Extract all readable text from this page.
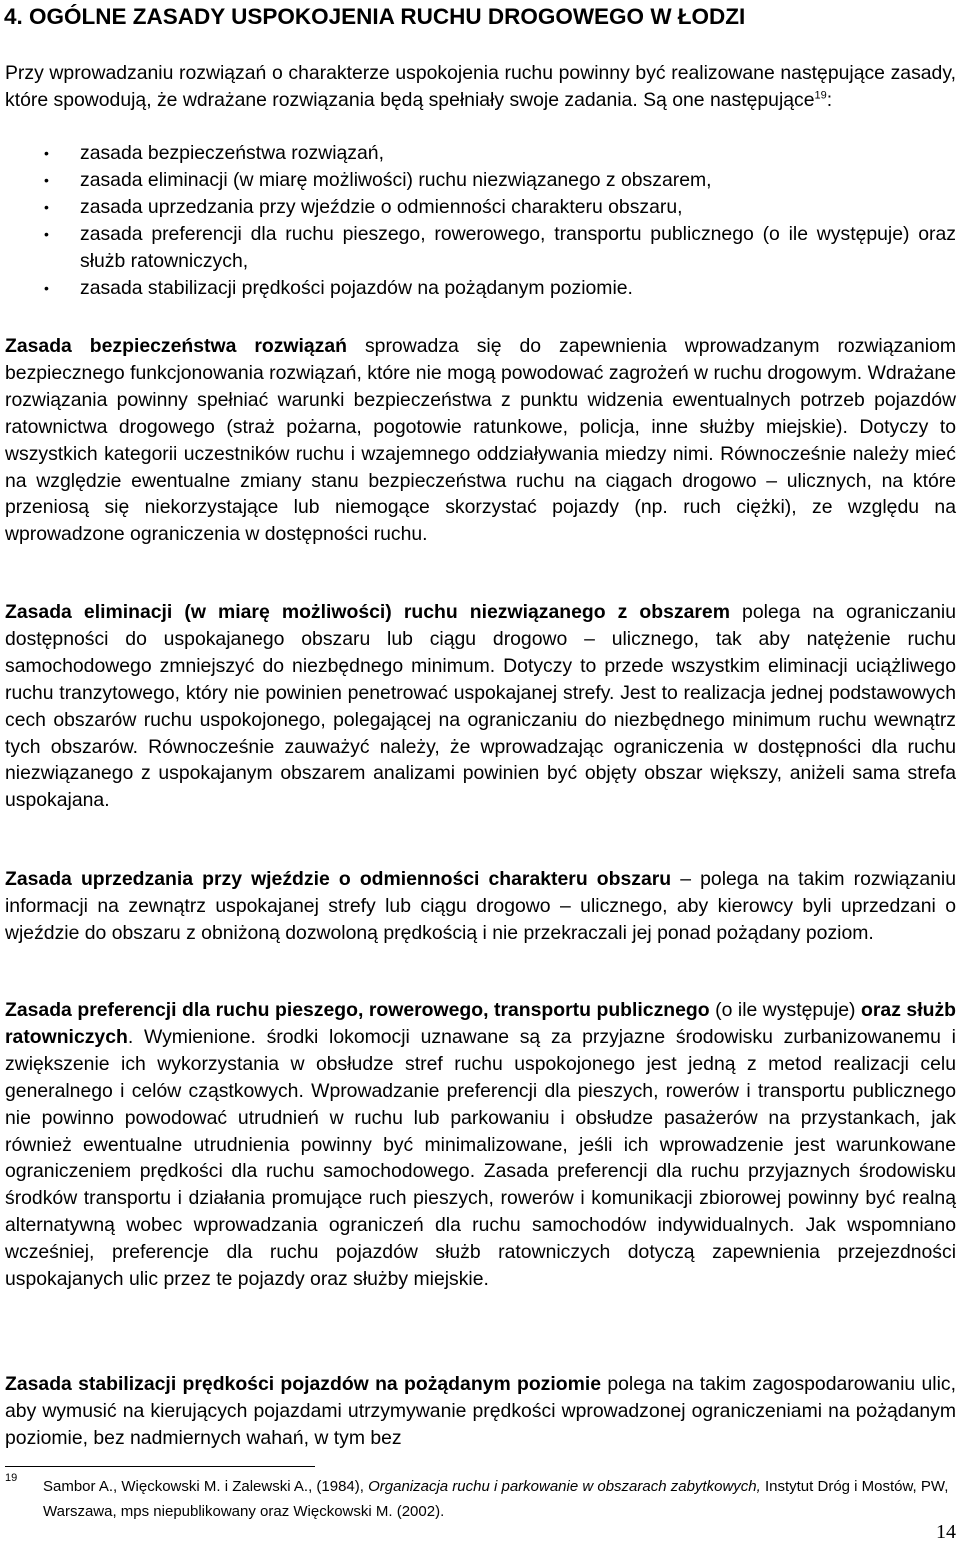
4. OGÓLNE ZASADY USPOKOJENIA RUCHU DROGOWEGO W ŁODZI

Przy wprowadzaniu rozwiązań o charakterze uspokojenia ruchu powinny być realizowane następujące zasady, które spowodują, że wdrażane rozwiązania będą spełniały swoje zadania. Są one następujące$^{19}$:

• zasada bezpieczeństwa rozwiązań,
• zasada eliminacji (w miarę możliwości) ruchu niezwiązanego z obszarem,
• zasada uprzedzania przy wjeździe o odmienności charakteru obszaru,
• zasada preferencji dla ruchu pieszego, rowerowego, transportu publicznego (o ile występuje) oraz służb ratowniczych,
• zasada stabilizacji prędkości pojazdów na pożądanym poziomie.

Zasada bezpieczeństwa rozwiązań sprowadza się do zapewnienia wprowadzanym rozwiązaniom bezpiecznego funkcjonowania rozwiązań, które nie mogą powodować zagrożeń w ruchu drogowym. Wdrażane rozwiązania powinny spełniać warunki bezpieczeństwa z punktu widzenia ewentualnych potrzeb pojazdów ratownictwa drogowego (straż pożarna, pogotowie ratunkowe, policja, inne służby miejskie). Dotyczy to wszystkich kategorii uczestników ruchu i wzajemnego oddziaływania miedzy nimi. Równocześnie należy mieć na względzie ewentualne zmiany stanu bezpieczeństwa ruchu na ciągach drogowo – ulicznych, na które przeniosą się niekorzystające lub niemogące skorzystać pojazdy (np. ruch ciężki), ze względu na wprowadzone ograniczenia w dostępności ruchu.

Zasada eliminacji (w miarę możliwości) ruchu niezwiązanego z obszarem polega na ograniczaniu dostępności do uspokajanego obszaru lub ciągu drogowo – ulicznego, tak aby natężenie ruchu samochodowego zmniejszyć do niezbędnego minimum. Dotyczy to przede wszystkim eliminacji uciążliwego ruchu tranzytowego, który nie powinien penetrować uspokajanej strefy. Jest to realizacja jednej podstawowych cech obszarów ruchu uspokojonego, polegającej na ograniczaniu do niezbędnego minimum ruchu wewnątrz tych obszarów. Równocześnie zauważyć należy, że wprowadzając ograniczenia w dostępności dla ruchu niezwiązanego z uspokajanym obszarem analizami powinien być objęty obszar większy, aniżeli sama strefa uspokajana.

Zasada uprzedzania przy wjeździe o odmienności charakteru obszaru – polega na takim rozwiązaniu informacji na zewnątrz uspokajanej strefy lub ciągu drogowo – ulicznego, aby kierowcy byli uprzedzani o wjeździe do obszaru z obniżoną dozwoloną prędkością i nie przekraczali jej ponad pożądany poziom.

Zasada preferencji dla ruchu pieszego, rowerowego, transportu publicznego (o ile występuje) oraz służb ratowniczych. Wymienione. środki lokomocji uznawane są za przyjazne środowisku zurbanizowanemu i zwiększenie ich wykorzystania w obsłudze stref ruchu uspokojonego jest jedną z metod realizacji celu generalnego i celów cząstkowych. Wprowadzanie preferencji dla pieszych, rowerów i transportu publicznego nie powinno powodować utrudnień w ruchu lub parkowaniu i obsłudze pasażerów na przystankach, jak również ewentualne utrudnienia powinny być minimalizowane, jeśli ich wprowadzenie jest warunkowane ograniczeniem prędkości dla ruchu samochodowego. Zasada preferencji dla ruchu przyjaznych środowisku środków transportu i działania promujące ruch pieszych, rowerów i komunikacji zbiorowej powinny być realną alternatywną wobec wprowadzania ograniczeń dla ruchu samochodów indywidualnych. Jak wspomniano wcześniej, preferencje dla ruchu pojazdów służb ratowniczych dotyczą zapewnienia przejezdności uspokajanych ulic przez te pojazdy oraz służby miejskie.

Zasada stabilizacji prędkości pojazdów na pożądanym poziomie polega na takim zagospodarowaniu ulic, aby wymusić na kierujących pojazdami utrzymywanie prędkości wprowadzonej ograniczeniami na pożądanym poziomie, bez nadmiernych wahań, w tym bez

19 Sambor A., Więckowski M. i Zalewski A., (1984), Organizacja ruchu i parkowanie w obszarach zabytkowych, Instytut Dróg i Mostów, PW, Warszawa, mps niepublikowany oraz Więckowski M. (2002).
14
